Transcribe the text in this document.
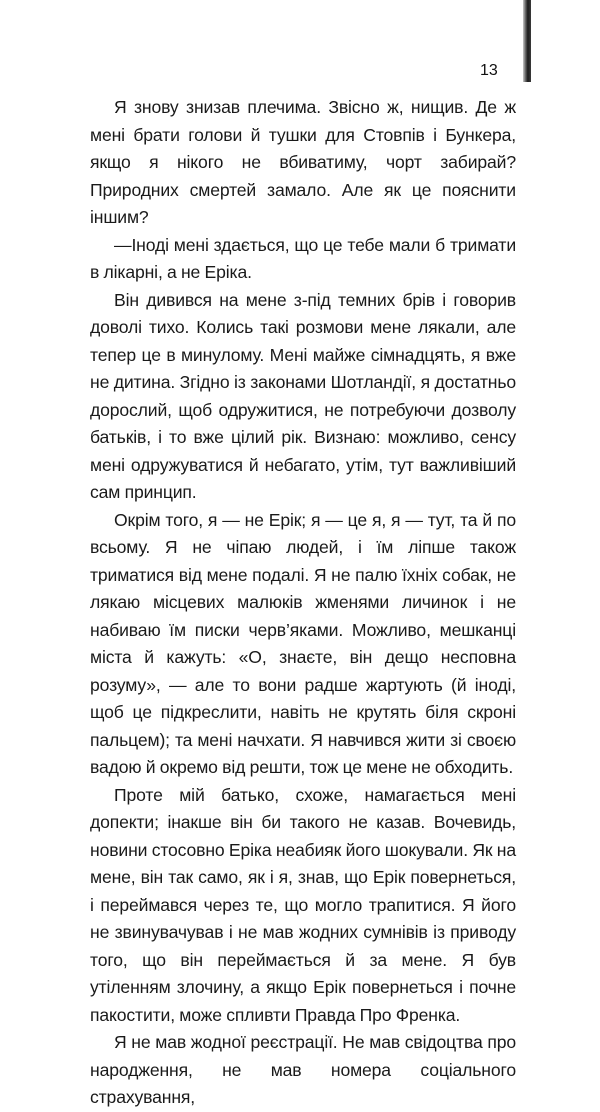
13

Я знову знизав плечима. Звісно ж, нищив. Де ж мені брати голови й тушки для Стовпів і Бункера, якщо я нікого не вбиватиму, чорт забирай? Природних смертей замало. Але як це пояснити іншим?

—Іноді мені здається, що це тебе мали б тримати в лікарні, а не Еріка.

Він дивився на мене з-під темних брів і говорив доволі тихо. Колись такі розмови мене лякали, але тепер це в минулому. Мені майже сімнадцять, я вже не дитина. Згідно із законами Шотландії, я достатньо дорослий, щоб одружитися, не потребуючи дозволу батьків, і то вже цілий рік. Визнаю: можливо, сенсу мені одружуватися й небагато, утім, тут важливіший сам принцип.

Окрім того, я — не Ерік; я — це я, я — тут, та й по всьому. Я не чіпаю людей, і їм ліпше також триматися від мене подалі. Я не палю їхніх собак, не лякаю місцевих малюків жменями личинок і не набиваю їм писки черв’яками. Можливо, мешканці міста й кажуть: «О, знаєте, він дещо несповна розуму», — але то вони радше жартують (й іноді, щоб це підкреслити, навіть не крутять біля скроні пальцем); та мені начхати. Я навчився жити зі своєю вадою й окремо від решти, тож це мене не обходить.

Проте мій батько, схоже, намагається мені допекти; інакше він би такого не казав. Вочевидь, новини стосовно Еріка неабияк його шокували. Як на мене, він так само, як і я, знав, що Ерік повернеться, і переймався через те, що могло трапитися. Я його не звинувачував і не мав жодних сумнівів із приводу того, що він переймається й за мене. Я був утіленням злочину, а якщо Ерік повернеться і почне пакостити, може спливти Правда Про Френка.

Я не мав жодної реєстрації. Не мав свідоцтва про народження, не мав номера соціального страхування,
